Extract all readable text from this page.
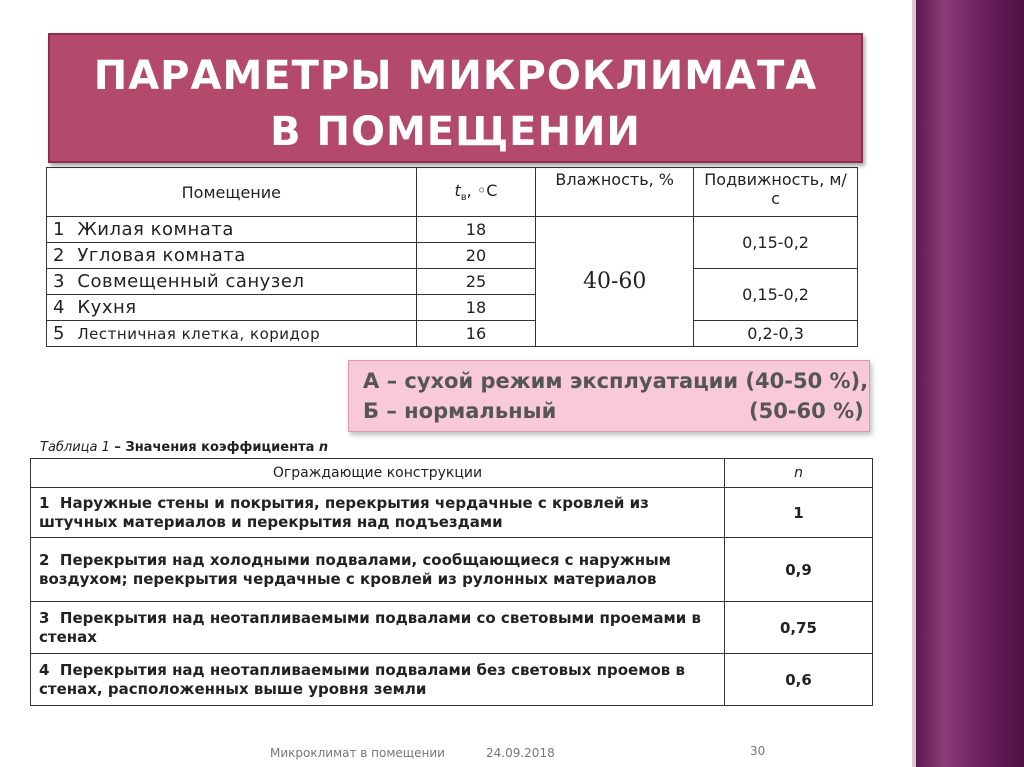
ПАРАМЕТРЫ МИКРОКЛИМАТА
В ПОМЕЩЕНИИ
Помещение	$t_в$, ◦С	Влажность, %	Подвижность, м/с
1 Жилая комната	18	40-60	0,15-0,2
2 Угловая комната	20		
3 Совмещенный санузел	25		0,15-0,2
4 Кухня	18		
5 Лестничная клетка, коридор	16		0,2-0,3
А – сухой режим эксплуатации (40-50 %),
Б – нормальный	(50-60 %)
Таблица 1 – Значения коэффициента n
Ограждающие конструкции	n
1 Наружные стены и покрытия, перекрытия чердачные с кровлей из штучных материалов и перекрытия над подъездами	1
2 Перекрытия над холодными подвалами, сообщающиеся с наружным воздухом; перекрытия чердачные с кровлей из рулонных материалов	0,9
3 Перекрытия над неотапливаемыми подвалами со световыми проемами в стенах	0,75
4 Перекрытия над неотапливаемыми подвалами без световых проемов в стенах, расположенных выше уровня земли	0,6
Микроклимат в помещении	24.09.2018	30
